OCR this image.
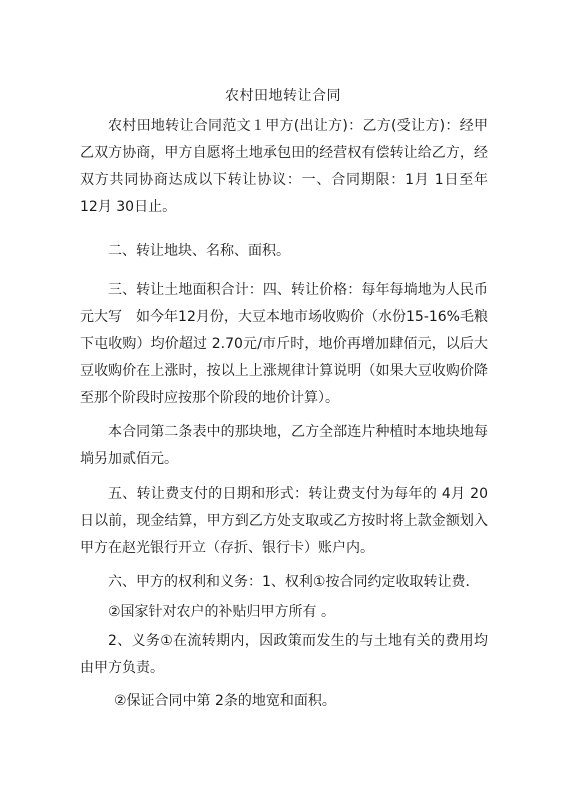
农村田地转让合同

农村田地转让合同范文１甲方(出让方)：乙方(受让方)：经甲乙双方协商，甲方自愿将土地承包田的经营权有偿转让给乙方，经双方共同协商达成以下转让协议：一、合同期限：1月 1日至年 12月 30日止。

二、转让地块、名称、面积。

三、转让土地面积合计：四、转让价格：每年每埫地为人民币　元大写　如今年12月份，大豆本地市场收购价（水份15-16%毛粮下屯收购）均价超过 2.70元/市斤时，地价再增加肆佰元，以后大豆收购价在上涨时，按以上上涨规律计算说明（如果大豆收购价降至那个阶段时应按那个阶段的地价计算）。

本合同第二条表中的那块地，乙方全部连片种植时本地块地每埫另加贰佰元。

五、转让费支付的日期和形式：转让费支付为每年的 4月 20日以前，现金结算，甲方到乙方处支取或乙方按时将上款金额划入甲方在赵光银行开立（存折、银行卡）账户内。

六、甲方的权利和义务：1、权利①按合同约定收取转让费．

②国家针对农户的补贴归甲方所有 。

2、义务①在流转期内，因政策而发生的与土地有关的费用均由甲方负责。

②保证合同中第 2条的地宽和面积。
